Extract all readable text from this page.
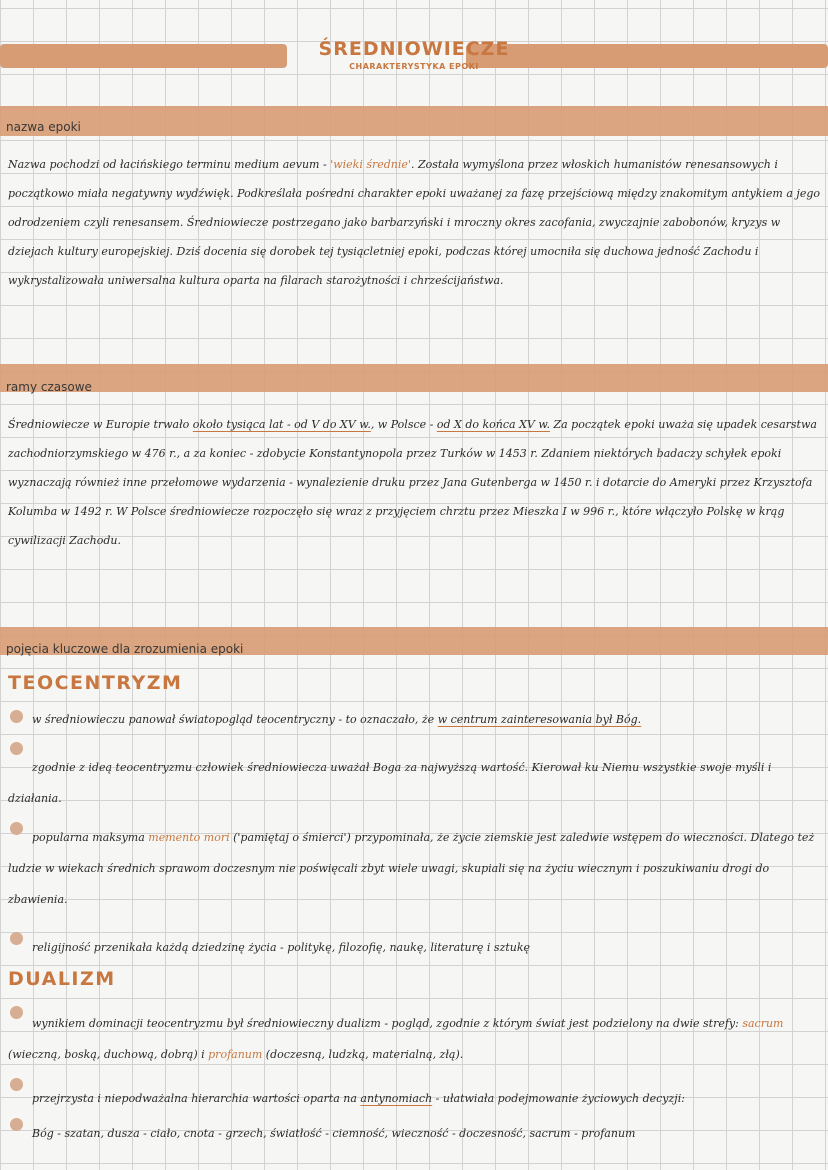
ŚREDNIOWIECZE
CHARAKTERYSTYKA EPOKI
nazwa epoki

Nazwa pochodzi od łacińskiego terminu medium aevum - 'wieki średnie'. Została wymyślona przez włoskich humanistów renesansowych i początkowo miała negatywny wydźwięk. Podkreślała pośredni charakter epoki uważanej za fazę przejściową między znakomitym antykiem a jego odrodzeniem czyli renesansem. Średniowiecze postrzegano jako barbarzyński i mroczny okres zacofania, zwyczajnie zabobonów, kryzys w dziejach kultury europejskiej. Dziś docenia się dorobek tej tysiącletniej epoki, podczas której umocniła się duchowa jedność Zachodu i wykrystalizowała uniwersalna kultura oparta na filarach starożytności i chrześcijaństwa.

ramy czasowe

Średniowiecze w Europie trwało około tysiąca lat - od V do XV w., w Polsce - od X do końca XV w. Za początek epoki uważa się upadek cesarstwa zachodniorzymskiego w 476 r., a za koniec - zdobycie Konstantynopola przez Turków w 1453 r. Zdaniem niektórych badaczy schyłek epoki wyznaczają również inne przełomowe wydarzenia - wynalezienie druku przez Jana Gutenberga w 1450 r. i dotarcie do Ameryki przez Krzysztofa Kolumba w 1492 r. W Polsce średniowiecze rozpoczęło się wraz z przyjęciem chrztu przez Mieszka I w 996 r., które włączyło Polskę w krąg cywilizacji Zachodu.

pojęcia kluczowe dla zrozumienia epoki
TEOCENTRYZM

w średniowieczu panował światopogląd teocentryczny - to oznaczało, że w centrum zainteresowania był Bóg.

zgodnie z ideą teocentryzmu człowiek średniowiecza uważał Boga za najwyższą wartość. Kierował ku Niemu wszystkie swoje myśli i działania.

popularna maksyma memento mori ('pamiętaj o śmierci') przypominała, że życie ziemskie jest zaledwie wstępem do wieczności. Dlatego też ludzie w wiekach średnich sprawom doczesnym nie poświęcali zbyt wiele uwagi, skupiali się na życiu wiecznym i poszukiwaniu drogi do zbawienia.

religijność przenikała każdą dziedzinę życia - politykę, filozofię, naukę, literaturę i sztukę

DUALIZM

wynikiem dominacji teocentryzmu był średniowieczny dualizm - pogląd, zgodnie z którym świat jest podzielony na dwie strefy: sacrum (wieczną, boską, duchową, dobrą) i profanum (doczesną, ludzką, materialną, złą).

przejrzysta i niepodważalna hierarchia wartości oparta na antynomiach - ułatwiała podejmowanie życiowych decyzji:

Bóg - szatan, dusza - ciało, cnota - grzech, światłość - ciemność, wieczność - doczesność, sacrum - profanum
